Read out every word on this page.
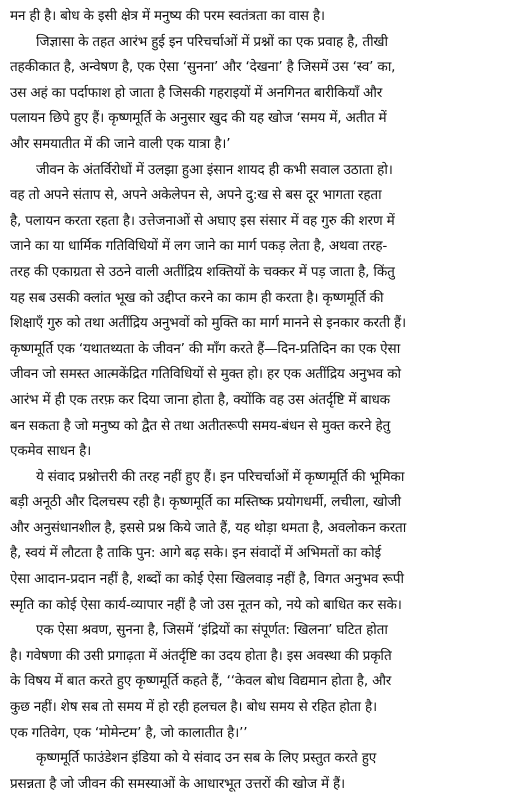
मन ही है। बोध के इसी क्षेत्र में मनुष्य की परम स्वतंत्रता का वास है।
जिज्ञासा के तहत आरंभ हुई इन परिचर्चाओं में प्रश्नों का एक प्रवाह है, तीखी
तहकीकात है, अन्वेषण है, एक ऐसा ‘सुनना’ और ‘देखना’ है जिसमें उस ‘स्व’ का,
उस अहं का पर्दाफाश हो जाता है जिसकी गहराइयों में अनगिनत बारीकियाँ और
पलायन छिपे हुए हैं। कृष्णमूर्ति के अनुसार खुद की यह खोज ‘समय में, अतीत में
और समयातीत में की जाने वाली एक यात्रा है।’
जीवन के अंतर्विरोधों में उलझा हुआ इंसान शायद ही कभी सवाल उठाता हो।
वह तो अपने संताप से, अपने अकेलेपन से, अपने दु:ख से बस दूर भागता रहता
है, पलायन करता रहता है। उत्तेजनाओं से अघाए इस संसार में वह गुरु की शरण में
जाने का या धार्मिक गतिविधियों में लग जाने का मार्ग पकड़ लेता है, अथवा तरह-
तरह की एकाग्रता से उठने वाली अतींद्रिय शक्तियों के चक्कर में पड़ जाता है, किंतु
यह सब उसकी क्लांत भूख को उद्दीप्त करने का काम ही करता है। कृष्णमूर्ति की
शिक्षाएँ गुरु को तथा अतींद्रिय अनुभवों को मुक्ति का मार्ग मानने से इनकार करती हैं।
कृष्णमूर्ति एक ‘यथातथ्यता के जीवन’ की माँग करते हैं—दिन-प्रतिदिन का एक ऐसा
जीवन जो समस्त आत्मकेंद्रित गतिविधियों से मुक्त हो। हर एक अतींद्रिय अनुभव को
आरंभ में ही एक तरफ़ कर दिया जाना होता है, क्योंकि वह उस अंतर्दृष्टि में बाधक
बन सकता है जो मनुष्य को द्वैत से तथा अतीतरूपी समय-बंधन से मुक्त करने हेतु
एकमेव साधन है।
ये संवाद प्रश्नोत्तरी की तरह नहीं हुए हैं। इन परिचर्चाओं में कृष्णमूर्ति की भूमिका
बड़ी अनूठी और दिलचस्प रही है। कृष्णमूर्ति का मस्तिष्क प्रयोगधर्मी, लचीला, खोजी
और अनुसंधानशील है, इससे प्रश्न किये जाते हैं, यह थोड़ा थमता है, अवलोकन करता
है, स्वयं में लौटता है ताकि पुन: आगे बढ़ सके। इन संवादों में अभिमतों का कोई
ऐसा आदान-प्रदान नहीं है, शब्दों का कोई ऐसा खिलवाड़ नहीं है, विगत अनुभव रूपी
स्मृति का कोई ऐसा कार्य-व्यापार नहीं है जो उस नूतन को, नये को बाधित कर सके।
एक ऐसा श्रवण, सुनना है, जिसमें ‘इंद्रियों का संपूर्णत: खिलना’ घटित होता
है। गवेषणा की उसी प्रगाढ़ता में अंतर्दृष्टि का उदय होता है। इस अवस्था की प्रकृति
के विषय में बात करते हुए कृष्णमूर्ति कहते हैं, ‘‘केवल बोध विद्यमान होता है, और
कुछ नहीं। शेष सब तो समय में हो रही हलचल है। बोध समय से रहित होता है।
एक गतिवेग, एक ‘मोमेन्टम’ है, जो कालातीत है।’’
कृष्णमूर्ति फाउंडेशन इंडिया को ये संवाद उन सब के लिए प्रस्तुत करते हुए
प्रसन्नता है जो जीवन की समस्याओं के आधारभूत उत्तरों की खोज में हैं।
